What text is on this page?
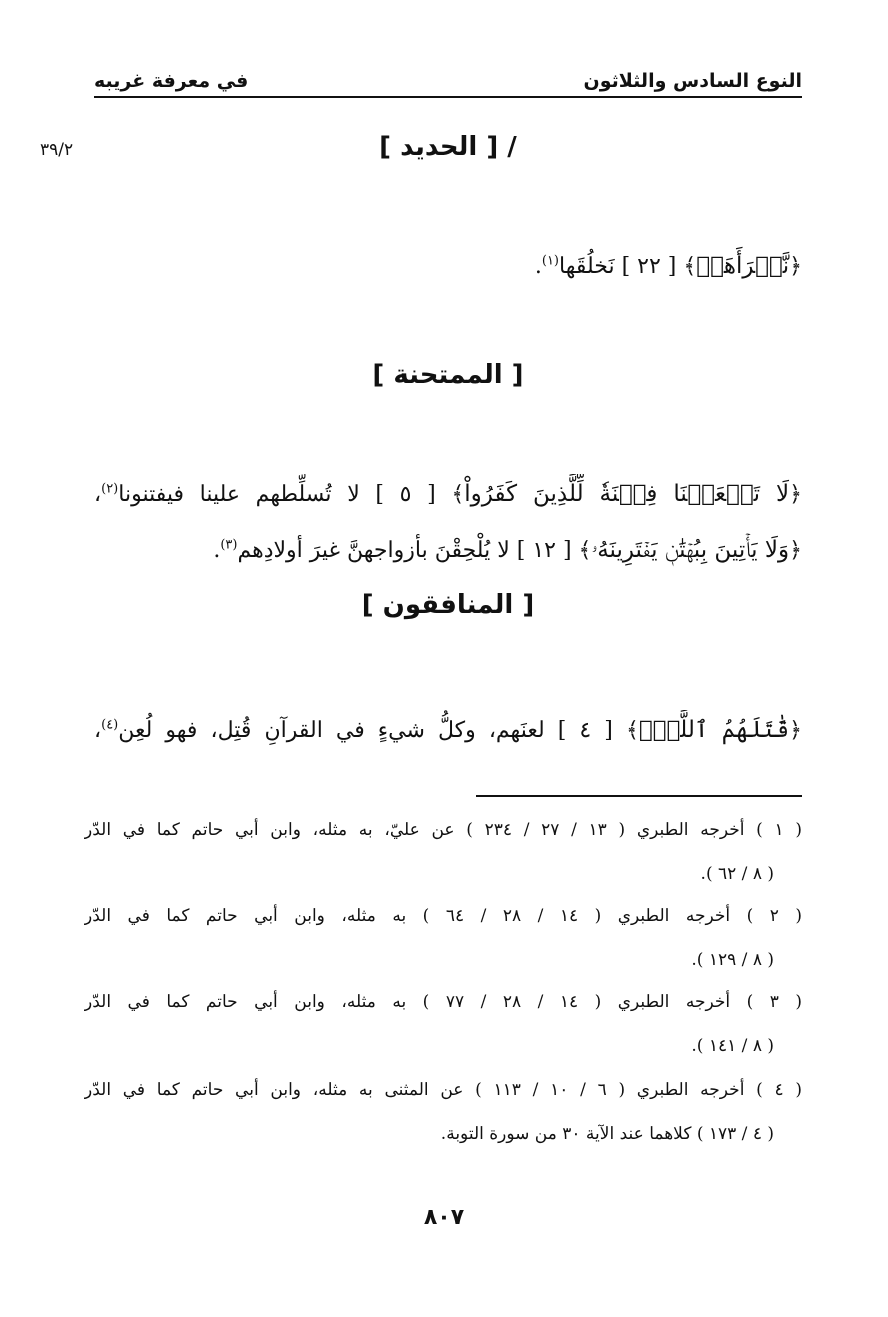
النوع السادس والثلاثون
في معرفة غريبه
٣٩/٢	/ [ الحديد ]
﴿نَّبۡرَأَهَآۚ﴾ [ ٢٢ ] نَخلُقَها$^{(١)}$.
[ الممتحنة ]
﴿لَا تَجۡعَلۡنَا فِتۡنَةٗ لِّلَّذِينَ كَفَرُواْ﴾ [ ٥ ] لا تُسلِّطهم علينا فيفتنونا$^{(٢)}$،
﴿وَلَا يَأۡتِينَ بِبُهۡتَٰنٖ يَفۡتَرِينَهُۥ﴾ [ ١٢ ] لا يُلْحِقْنَ بأزواجهنَّ غيرَ أولادِهم$^{(٣)}$.
[ المنافقون ]
﴿قَٰتَلَهُمُ ٱللَّهُۖ﴾ [ ٤ ] لعنَهم، وكلُّ شيءٍ في القرآنِ قُتِل، فهو لُعِن$^{(٤)}$،
( ١ ) أخرجه الطبري ( ١٣ / ٢٧ / ٢٣٤ ) عن عليّ، به مثله، وابن أبي حاتم كما في الدّر
( ٨ / ٦٢ ).
( ٢ ) أخرجه الطبري ( ١٤ / ٢٨ / ٦٤ ) به مثله، وابن أبي حاتم كما في الدّر
( ٨ / ١٢٩ ).
( ٣ ) أخرجه الطبري ( ١٤ / ٢٨ / ٧٧ ) به مثله، وابن أبي حاتم كما في الدّر
( ٨ / ١٤١ ).
( ٤ ) أخرجه الطبري ( ٦ / ١٠ / ١١٣ ) عن المثنى به مثله، وابن أبي حاتم كما في الدّر
( ٤ / ١٧٣ ) كلاهما عند الآية ٣٠ من سورة التوبة.
٨٠٧
